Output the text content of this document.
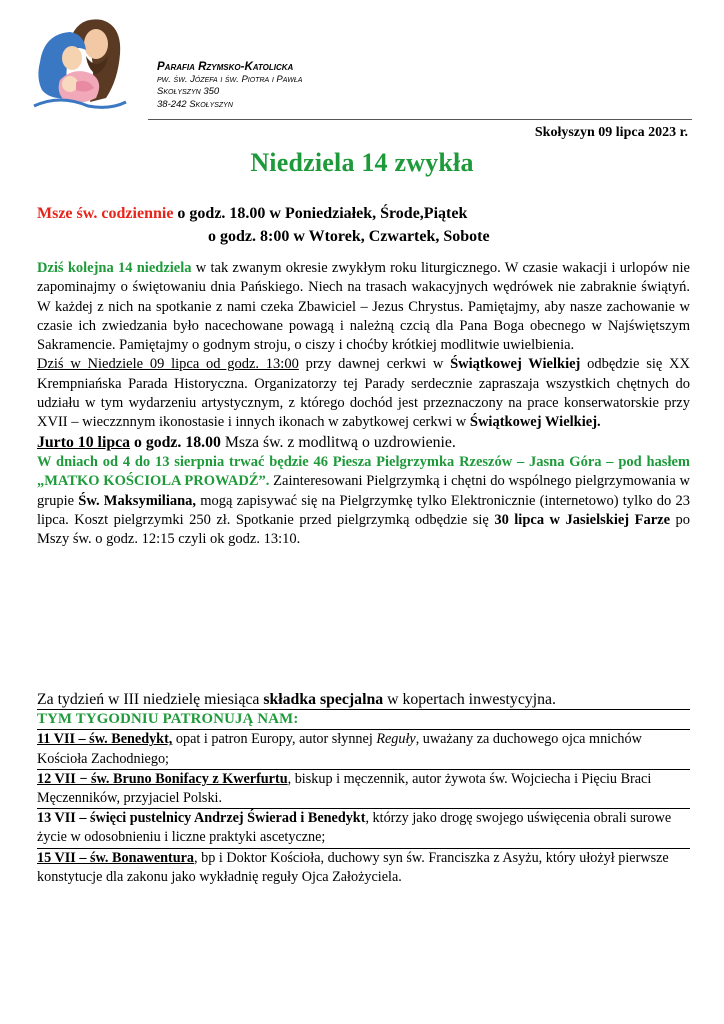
Parafia Rzymsko-Katolicka
pw. św. Józefa i św. Piotra i Pawła
Skołyszyn 350
38-242 Skołyszyn
Skołyszyn 09 lipca 2023 r.
Niedziela 14 zwykła
Msze św. codziennie o godz. 18.00 w Poniedziałek, Środe,Piątek
o godz. 8:00 w Wtorek, Czwartek, Sobote

Dziś kolejna 14 niedziela w tak zwanym okresie zwykłym roku liturgicznego. W czasie wakacji i urlopów nie zapominajmy o świętowaniu dnia Pańskiego. Niech na trasach wakacyjnych wędrówek nie zabraknie świątyń. W każdej z nich na spotkanie z nami czeka Zbawiciel – Jezus Chrystus. Pamiętajmy, aby nasze zachowanie w czasie ich zwiedzania było nacechowane powagą i należną czcią dla Pana Boga obecnego w Najświętszym Sakramencie. Pamiętajmy o godnym stroju, o ciszy i choćby krótkiej modlitwie uwielbienia.

Dziś w Niedziele 09 lipca od godz. 13:00 przy dawnej cerkwi w Świątkowej Wielkiej odbędzie się XX Krempniańska Parada Historyczna. Organizatorzy tej Parady serdecznie zapraszaja wszystkich chętnych do udziału w tym wydarzeniu artystycznym, z którego dochód jest przeznaczony na prace konserwatorskie przy XVII – wieczznnym ikonostasie i innych ikonach w zabytkowej cerkwi w Świątkowej Wielkiej.

Jurto 10 lipca o godz. 18.00 Msza św. z modlitwą o uzdrowienie.

W dniach od 4 do 13 sierpnia trwać będzie 46 Piesza Pielgrzymka Rzeszów – Jasna Góra – pod hasłem „MATKO KOŚCIOLA PROWADŹ”. Zainteresowani Pielgrzymką i chętni do wspólnego pielgrzymowania w grupie Św. Maksymiliana, mogą zapisywać się na Pielgrzymkę tylko Elektronicznie (internetowo) tylko do 23 lipca. Koszt pielgrzymki 250 zł. Spotkanie przed pielgrzymką odbędzie się 30 lipca w Jasielskiej Farze po Mszy św. o godz. 12:15 czyli ok godz. 13:10.

Za tydzień w III niedzielę miesiąca składka specjalna w kopertach inwestycyjna.

TYM TYGODNIU PATRONUJĄ NAM:

11 VII – św. Benedykt, opat i patron Europy, autor słynnej Reguły, uważany za duchowego ojca mnichów Kościoła Zachodniego;

12 VII − św. Bruno Bonifacy z Kwerfurtu, biskup i męczennik, autor żywota św. Wojciecha i Pięciu Braci Męczenników, przyjaciel Polski.

13 VII – święci pustelnicy Andrzej Świerad i Benedykt, którzy jako drogę swojego uświęcenia obrali surowe życie w odosobnieniu i liczne praktyki ascetyczne;

15 VII – św. Bonawentura, bp i Doktor Kościoła, duchowy syn św. Franciszka z Asyżu, który ułożył pierwsze konstytucje dla zakonu jako wykładnię reguły Ojca Założyciela.
